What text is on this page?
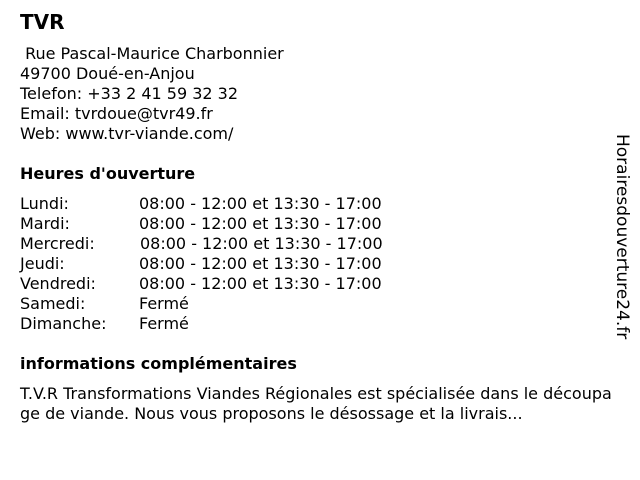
TVR
Rue Pascal-Maurice Charbonnier
49700 Doué-en-Anjou
Telefon: +33 2 41 59 32 32
Email: tvrdoue@tvr49.fr
Web: www.tvr-viande.com/
Heures d'ouverture
Lundi:	08:00 - 12:00 et 13:30 - 17:00
Mardi:	08:00 - 12:00 et 13:30 - 17:00
Mercredi:	08:00 - 12:00 et 13:30 - 17:00
Jeudi:	08:00 - 12:00 et 13:30 - 17:00
Vendredi:	08:00 - 12:00 et 13:30 - 17:00
Samedi:	Fermé
Dimanche: Fermé
informations complémentaires
T.V.R Transformations Viandes Régionales est spécialisée dans le découpage de viande. Nous vous proposons le désossage et la livrais...
Horairesdouverture24.fr
